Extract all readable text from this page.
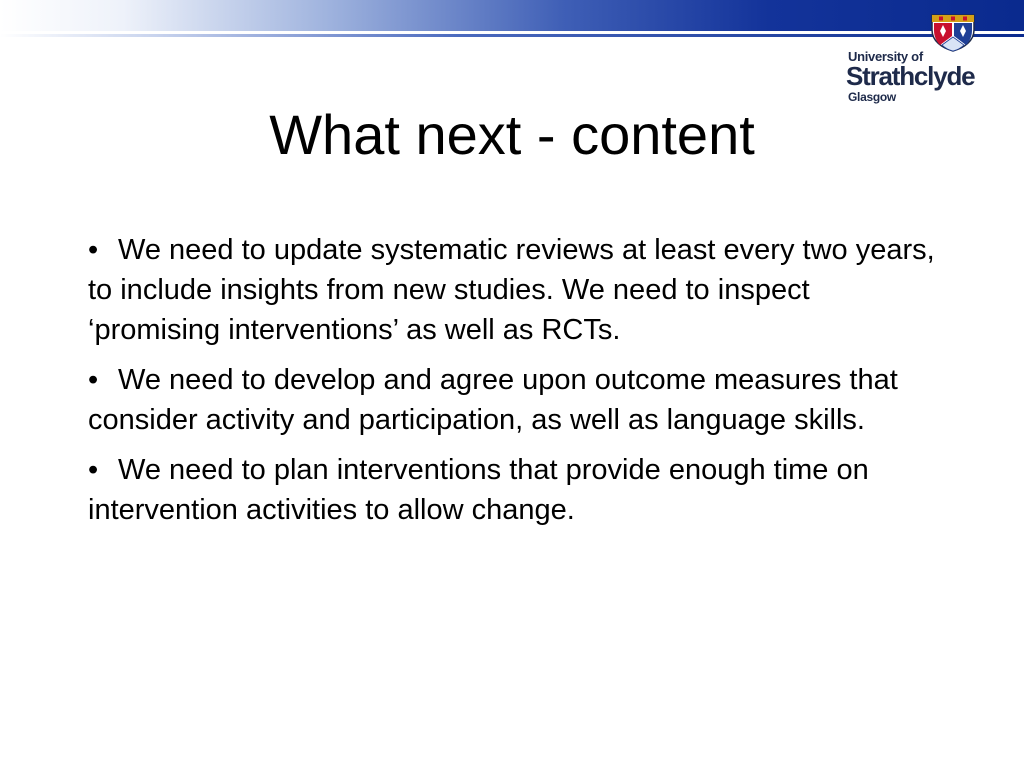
University of
Strathclyde
Glasgow
What next - content
• We need to update systematic reviews at least every two years, to include insights from new studies. We need to inspect ‘promising interventions’ as well as RCTs.
• We need to develop and agree upon outcome measures that consider activity and participation, as well as language skills.
• We need to plan interventions that provide enough time on intervention activities to allow change.
